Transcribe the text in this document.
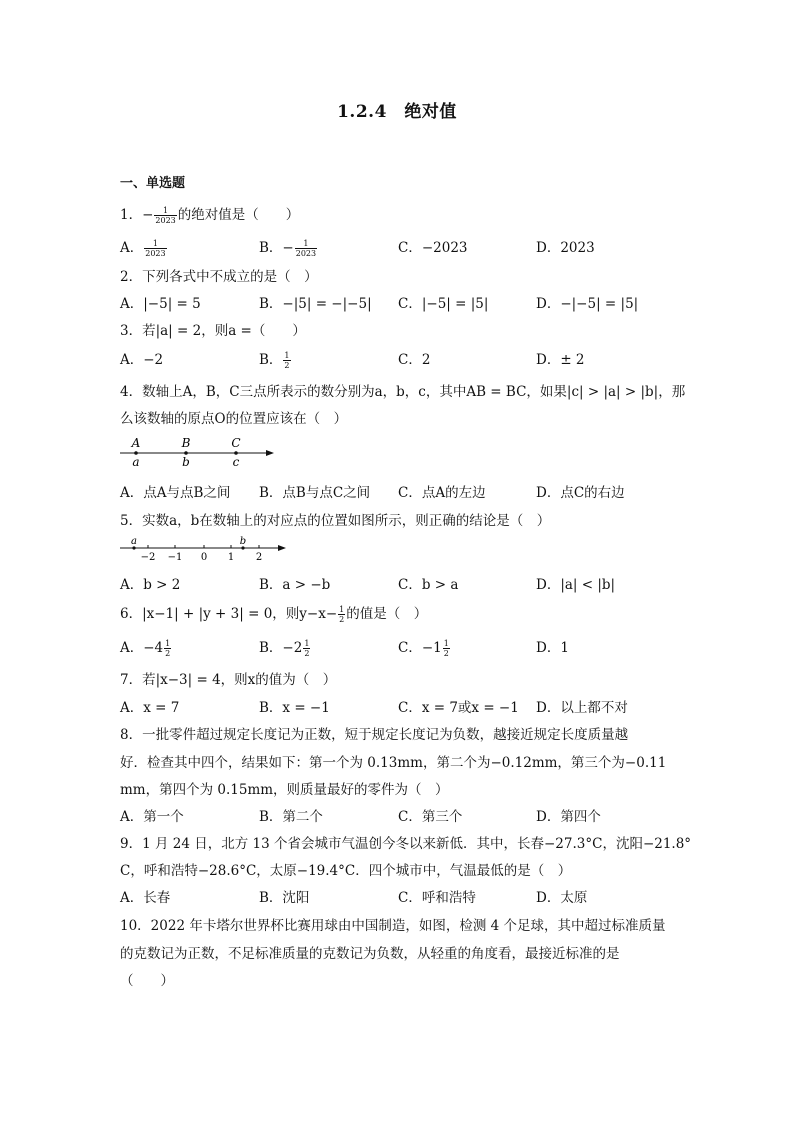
1.2.4　绝对值
一、单选题
1．− $\frac{1}{2023}$ 的绝对值是（　　）
A． $\frac{1}{2023}$	B．− $\frac{1}{2023}$	C．−2023	D．2023
2．下列各式中不成立的是（　）
A．|−5| = 5	B．−|5| = −|−5| C．|−5| = |5|	D．−|−5| = |5|
3．若|a| = 2，则a =（　　）
A．−2	B． $\frac{1}{2}$	C．2	D．± 2
4．数轴上A，B，C三点所表示的数分别为a，b，c，其中AB = BC，如果|c| > |a| > |b|，那
么该数轴的原点O的位置应该在（　）
A	B	C
a	b	c
A．点A与点B之间 B．点B与点C之间 C．点A的左边	D．点C的右边
5．实数a，b在数轴上的对应点的位置如图所示，则正确的结论是（　）
a	b
−2 −1 0 1 2
A．b > 2	B．a > −b	C．b > a	D．|a| < |b|
6．|x−1| + |y + 3| = 0，则$y-x- \frac{1}{2}$ 的值是（　）
A．$-4 \frac{1}{2}$	B．$-2 \frac{1}{2}$	C．$-1 \frac{1}{2}$	D．1
7．若|x−3| = 4，则x的值为（　）
A．x = 7	B．x = −1	C．x = 7或x = −1 D．以上都不对
8．一批零件超过规定长度记为正数，短于规定长度记为负数，越接近规定长度质量越
好．检查其中四个，结果如下：第一个为 0.13mm，第二个为−0.12mm，第三个为−0.11
mm，第四个为 0.15mm，则质量最好的零件为（　）
A．第一个	B．第二个	C．第三个	D．第四个
9．1 月 24 日，北方 13 个省会城市气温创今冬以来新低．其中，长春−27.3°C，沈阳−21.8°
C，呼和浩特−28.6°C，太原−19.4°C．四个城市中，气温最低的是（　）
A．长春	B．沈阳	C．呼和浩特	D．太原
10．2022 年卡塔尔世界杯比赛用球由中国制造，如图，检测 4 个足球，其中超过标准质量
的克数记为正数，不足标准质量的克数记为负数，从轻重的角度看，最接近标准的是
（　　）
